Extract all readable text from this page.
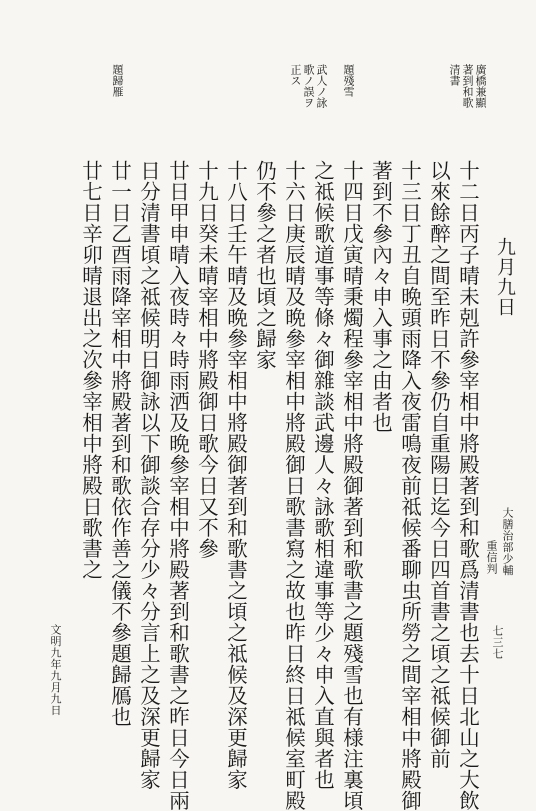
大膳治部少輔
重信判
九月九日
十二日丙子晴未剋許參宰相中將殿著到和歌爲清書也去十日北山之大飲
以來餘醉之間至昨日不參仍自重陽日迄今日四首書之頃之祗候御前
十三日丁丑自晩頭雨降入夜雷鳴夜前祗候番聊虫所勞之間宰相中將殿御
著到不參內々申入事之由者也
十四日戊寅晴秉燭程參宰相中將殿御著到和歌書之題殘雪也有様注裏頃
之祗候歌道事等條々御雜談武邊人々詠歌相違事等少々申入直與者也
十六日庚辰晴及晩參宰相中將殿御日歌書寫之故也昨日終日祗候室町殿
仍不參之者也頃之歸家
十八日壬午晴及晩參宰相中將殿御著到和歌書之頃之祗候及深更歸家
十九日癸未晴宰相中將殿御日歌今日又不參
廿日甲申晴入夜時々時雨洒及晩參宰相中將殿著到和歌書之昨日今日兩
日分清書頃之祗候明日御詠以下御談合存分少々分言上之及深更歸家
廿一日乙酉雨降宰相中將殿著到和歌依作善之儀不參題歸鴈也
廿七日辛卯晴退出之次參宰相中將殿日歌書之
廣橋兼顯
著到和歌
清書
題殘雪
武人ノ詠
歌ノ誤ヲ
正ス
題歸雁
文明九年九月九日	七三七
